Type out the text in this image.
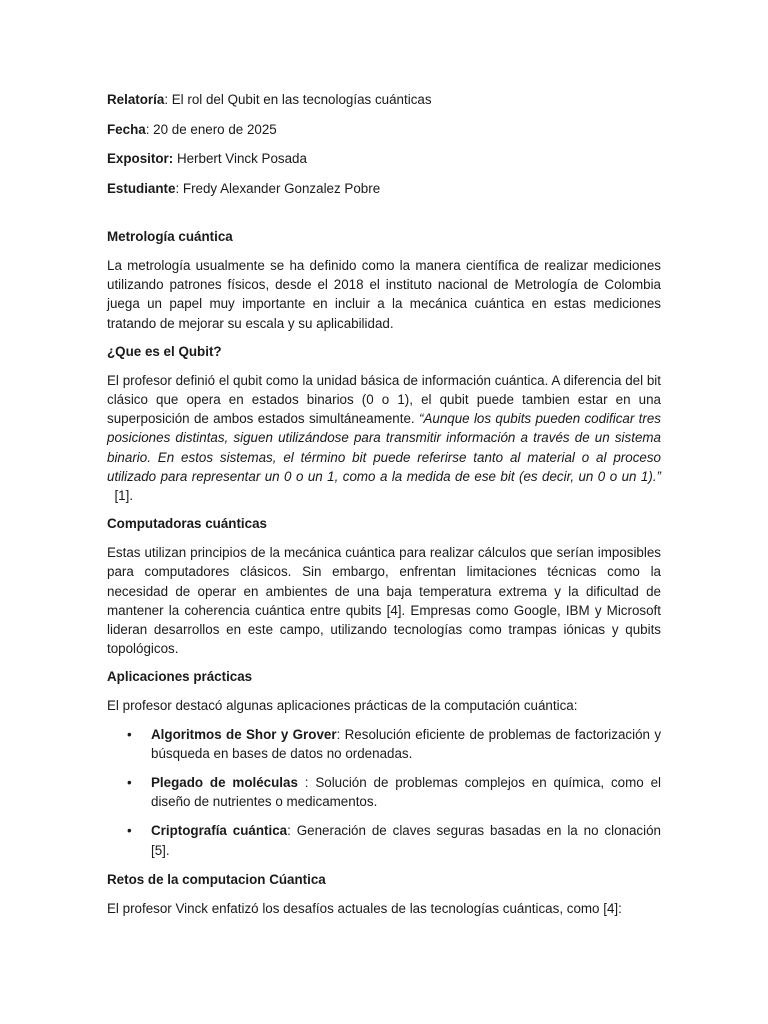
Relatoría: El rol del Qubit en las tecnologías cuánticas
Fecha: 20 de enero de 2025
Expositor: Herbert Vinck Posada
Estudiante: Fredy Alexander Gonzalez Pobre
Metrología cuántica
La metrología usualmente se ha definido como la manera científica de realizar mediciones utilizando patrones físicos, desde el 2018 el instituto nacional de Metrología de Colombia juega un papel muy importante en incluir a la mecánica cuántica en estas mediciones tratando de mejorar su escala y su aplicabilidad.
¿Que es el Qubit?
El profesor definió el qubit como la unidad básica de información cuántica. A diferencia del bit clásico que opera en estados binarios (0 o 1), el qubit puede tambien estar en una superposición de ambos estados simultáneamente. “Aunque los qubits pueden codificar tres posiciones distintas, siguen utilizándose para transmitir información a través de un sistema binario. En estos sistemas, el término bit puede referirse tanto al material o al proceso utilizado para representar un 0 o un 1, como a la medida de ese bit (es decir, un 0 o un 1).”  [1].
Computadoras cuánticas
Estas utilizan principios de la mecánica cuántica para realizar cálculos que serían imposibles para computadores clásicos. Sin embargo, enfrentan limitaciones técnicas como la necesidad de operar en ambientes de una baja temperatura extrema y la dificultad de mantener la coherencia cuántica entre qubits [4]. Empresas como Google, IBM y Microsoft lideran desarrollos en este campo, utilizando tecnologías como trampas iónicas y qubits topológicos.
Aplicaciones prácticas
El profesor destacó algunas aplicaciones prácticas de la computación cuántica:
• Algoritmos de Shor y Grover: Resolución eficiente de problemas de factorización y búsqueda en bases de datos no ordenadas.
• Plegado de moléculas : Solución de problemas complejos en química, como el diseño de nutrientes o medicamentos.
• Criptografía cuántica: Generación de claves seguras basadas en la no clonación [5].
Retos de la computacion Cúantica
El profesor Vinck enfatizó los desafíos actuales de las tecnologías cuánticas, como [4]:
